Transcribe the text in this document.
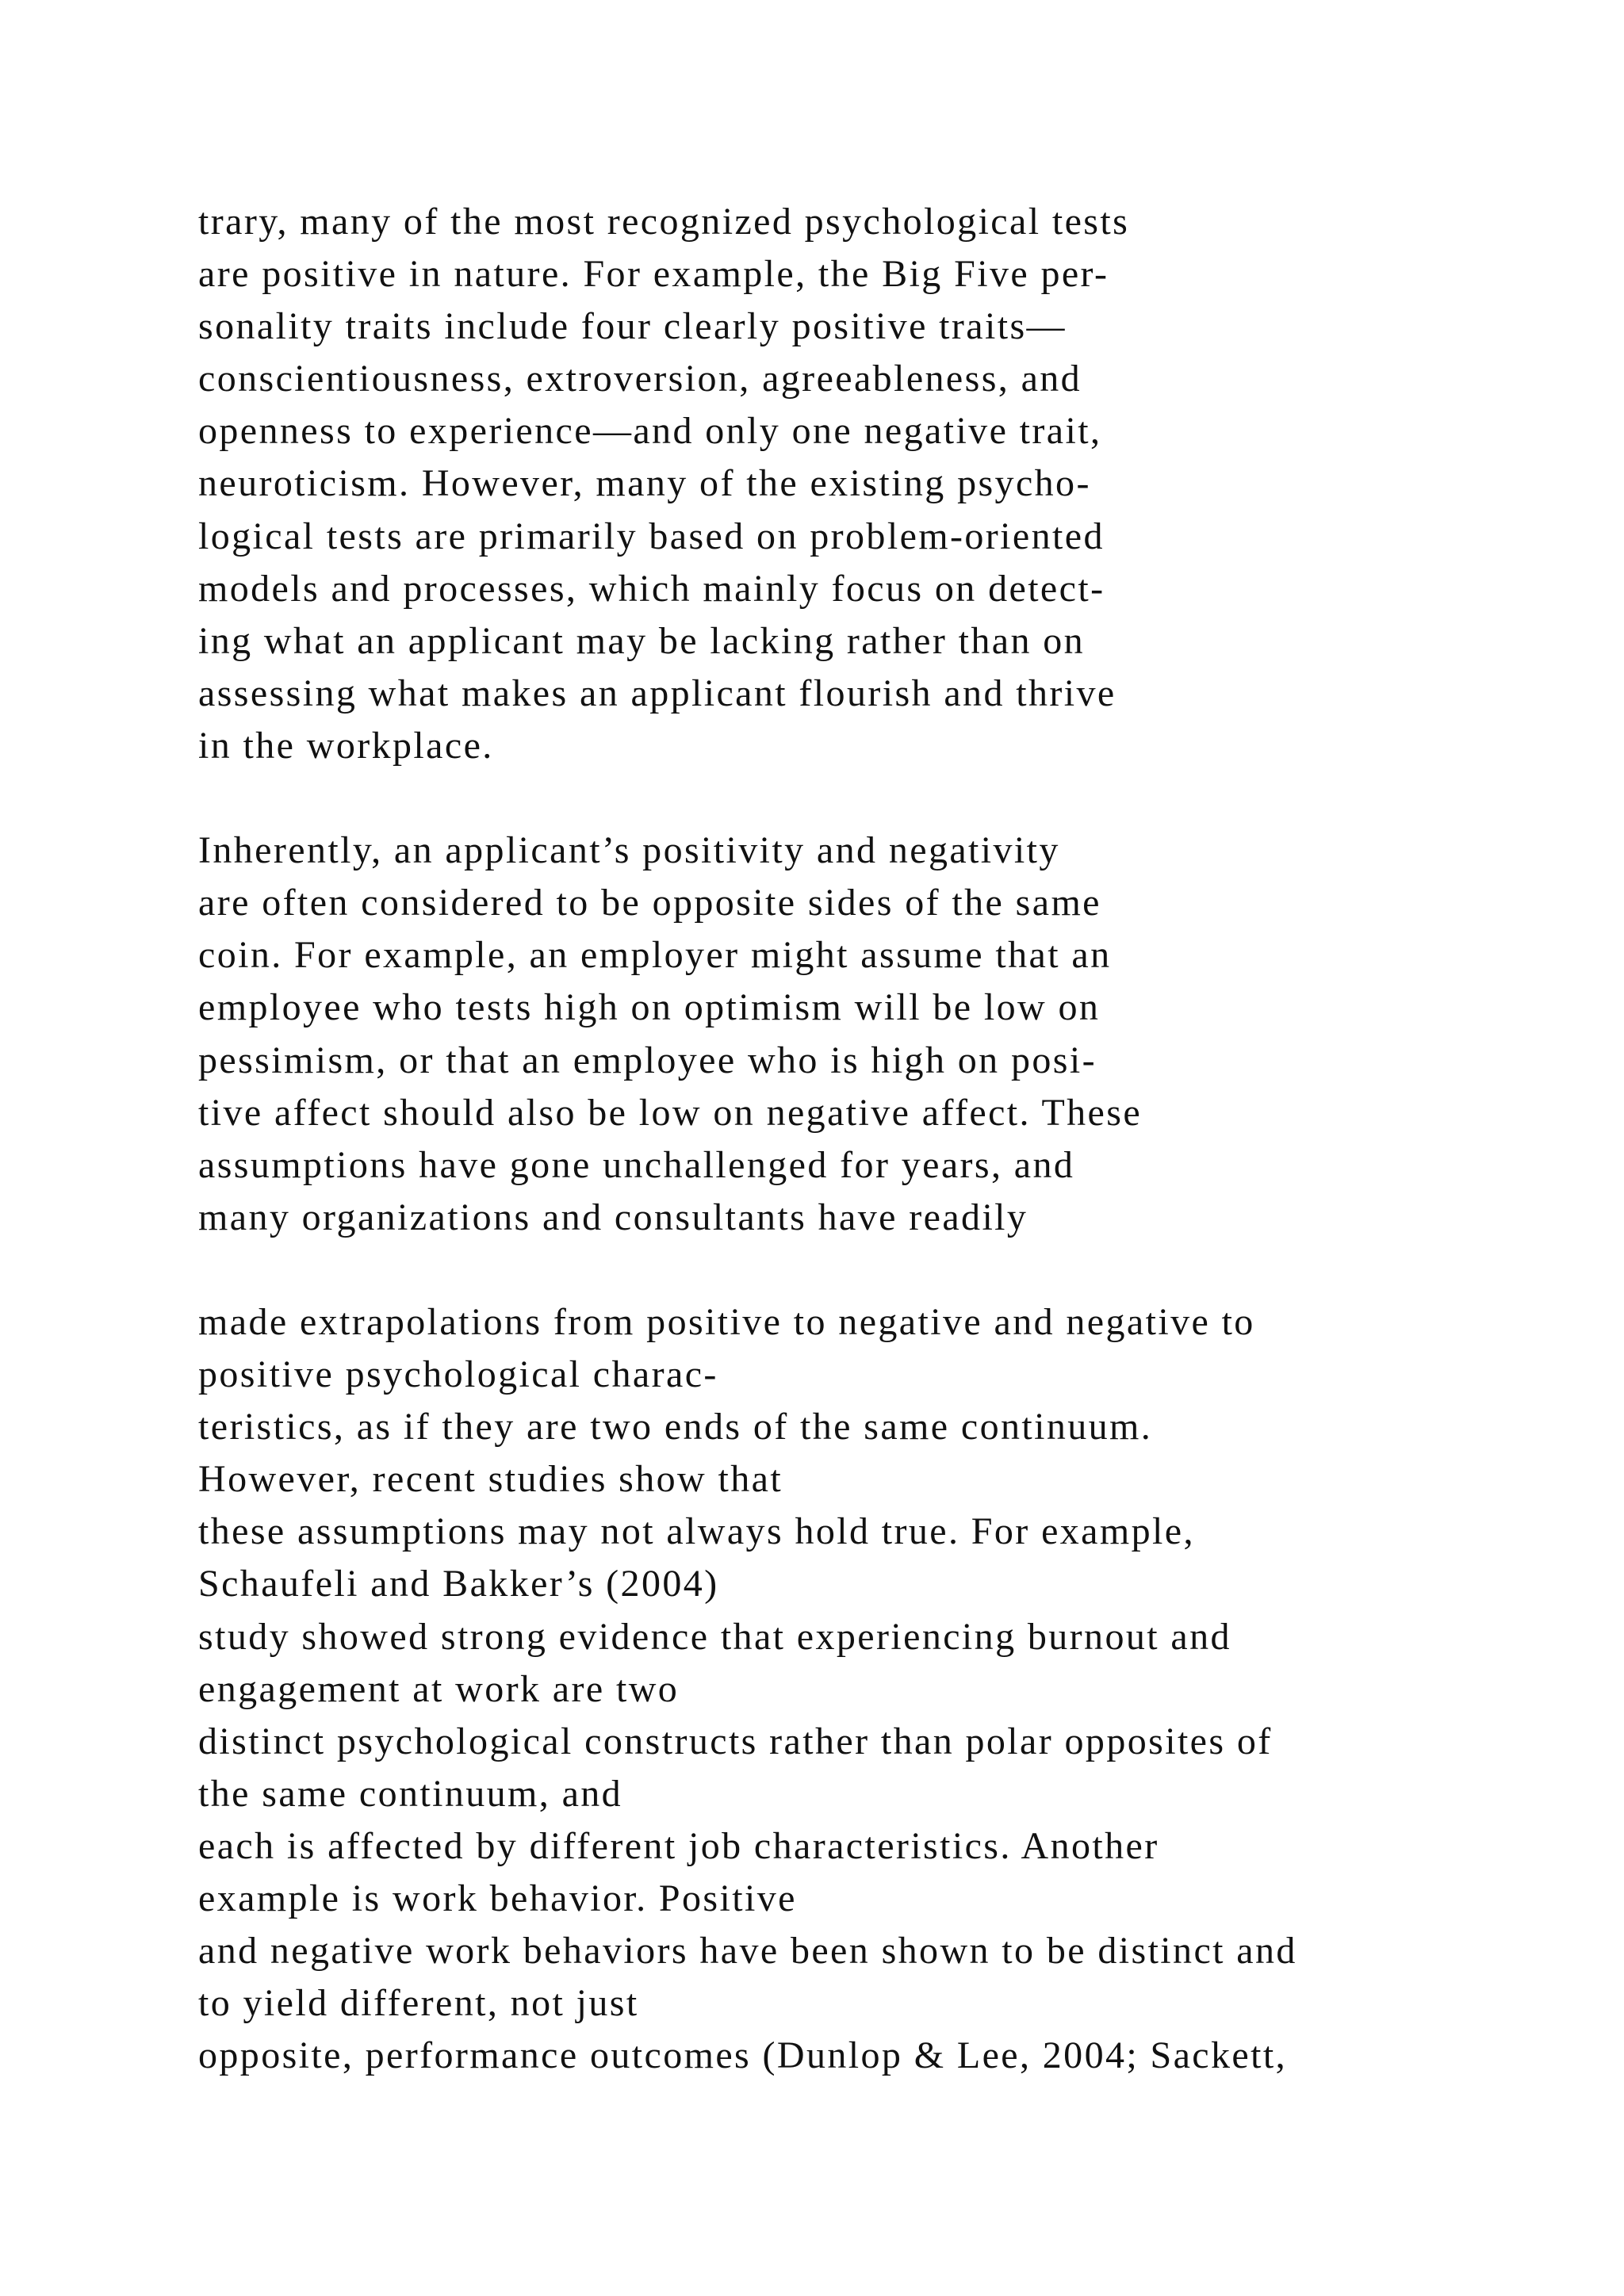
trary, many of the most recognized psychological tests
are positive in nature. For example, the Big Five per-
sonality traits include four clearly positive traits—
conscientiousness, extroversion, agreeableness, and
openness to experience—and only one negative trait,
neuroticism. However, many of the existing psycho-
logical tests are primarily based on problem-oriented
models and processes, which mainly focus on detect-
ing what an applicant may be lacking rather than on
assessing what makes an applicant flourish and thrive
in the workplace.
Inherently, an applicant’s positivity and negativity
are often considered to be opposite sides of the same
coin. For example, an employer might assume that an
employee who tests high on optimism will be low on
pessimism, or that an employee who is high on posi-
tive affect should also be low on negative affect. These
assumptions have gone unchallenged for years, and
many organizations and consultants have readily
made extrapolations from positive to negative and negative to
positive psychological charac-
teristics, as if they are two ends of the same continuum.
However, recent studies show that
these assumptions may not always hold true. For example,
Schaufeli and Bakker’s (2004)
study showed strong evidence that experiencing burnout and
engagement at work are two
distinct psychological constructs rather than polar opposites of
the same continuum, and
each is affected by different job characteristics. Another
example is work behavior. Positive
and negative work behaviors have been shown to be distinct and
to yield different, not just
opposite, performance outcomes (Dunlop & Lee, 2004; Sackett,
